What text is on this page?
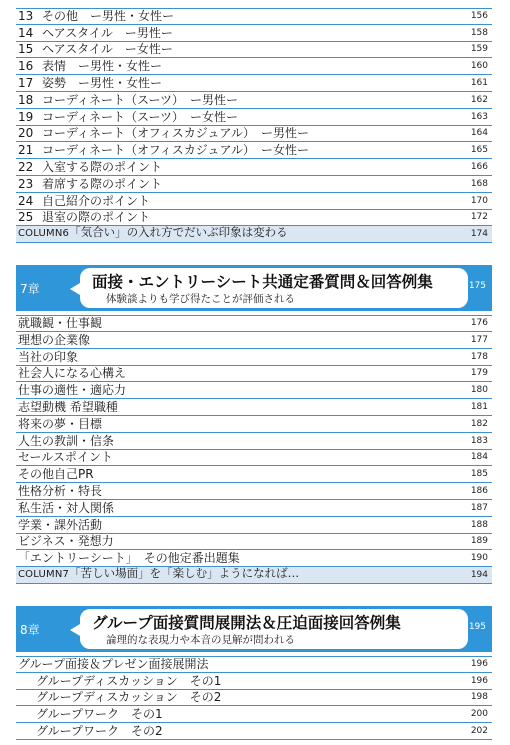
13 その他　ー男性・女性ー	156
14 ヘアスタイル　ー男性ー	158
15 ヘアスタイル　ー女性ー	159
16 表情　ー男性・女性ー	160
17 姿勢　ー男性・女性ー	161
18 コーディネート（スーツ）　ー男性ー	162
19 コーディネート（スーツ）　ー女性ー	163
20 コーディネート（オフィスカジュアル）　ー男性ー	164
21 コーディネート（オフィスカジュアル）　ー女性ー	165
22 入室する際のポイント	166
23 着席する際のポイント	168
24 自己紹介のポイント	170
25 退室の際のポイント	172
COLUMN6「気合い」の入れ方でだいぶ印象は変わる	174
7章	面接・エントリーシート共通定番質問＆回答例集
体験談よりも学び得たことが評価される
175
就職観・仕事観	176
理想の企業像	177
当社の印象	178
社会人になる心構え	179
仕事の適性・適応力	180
志望動機 希望職種	181
将来の夢・目標	182
人生の教訓・信条	183
セールスポイント	184
その他自己PR	185
性格分析・特長	186
私生活・対人関係	187
学業・課外活動	188
ビジネス・発想力	189
「エントリーシート」　その他定番出題集	190
COLUMN7「苦しい場面」を「楽しむ」ようになれば…	194
8章	グループ面接質問展開法＆圧迫面接回答例集
論理的な表現力や本音の見解が問われる
195
グループ面接＆プレゼン面接展開法	196
グループディスカッション　その1	196
グループディスカッション　その2	198
グループワーク　その1	200
グループワーク　その2	202
